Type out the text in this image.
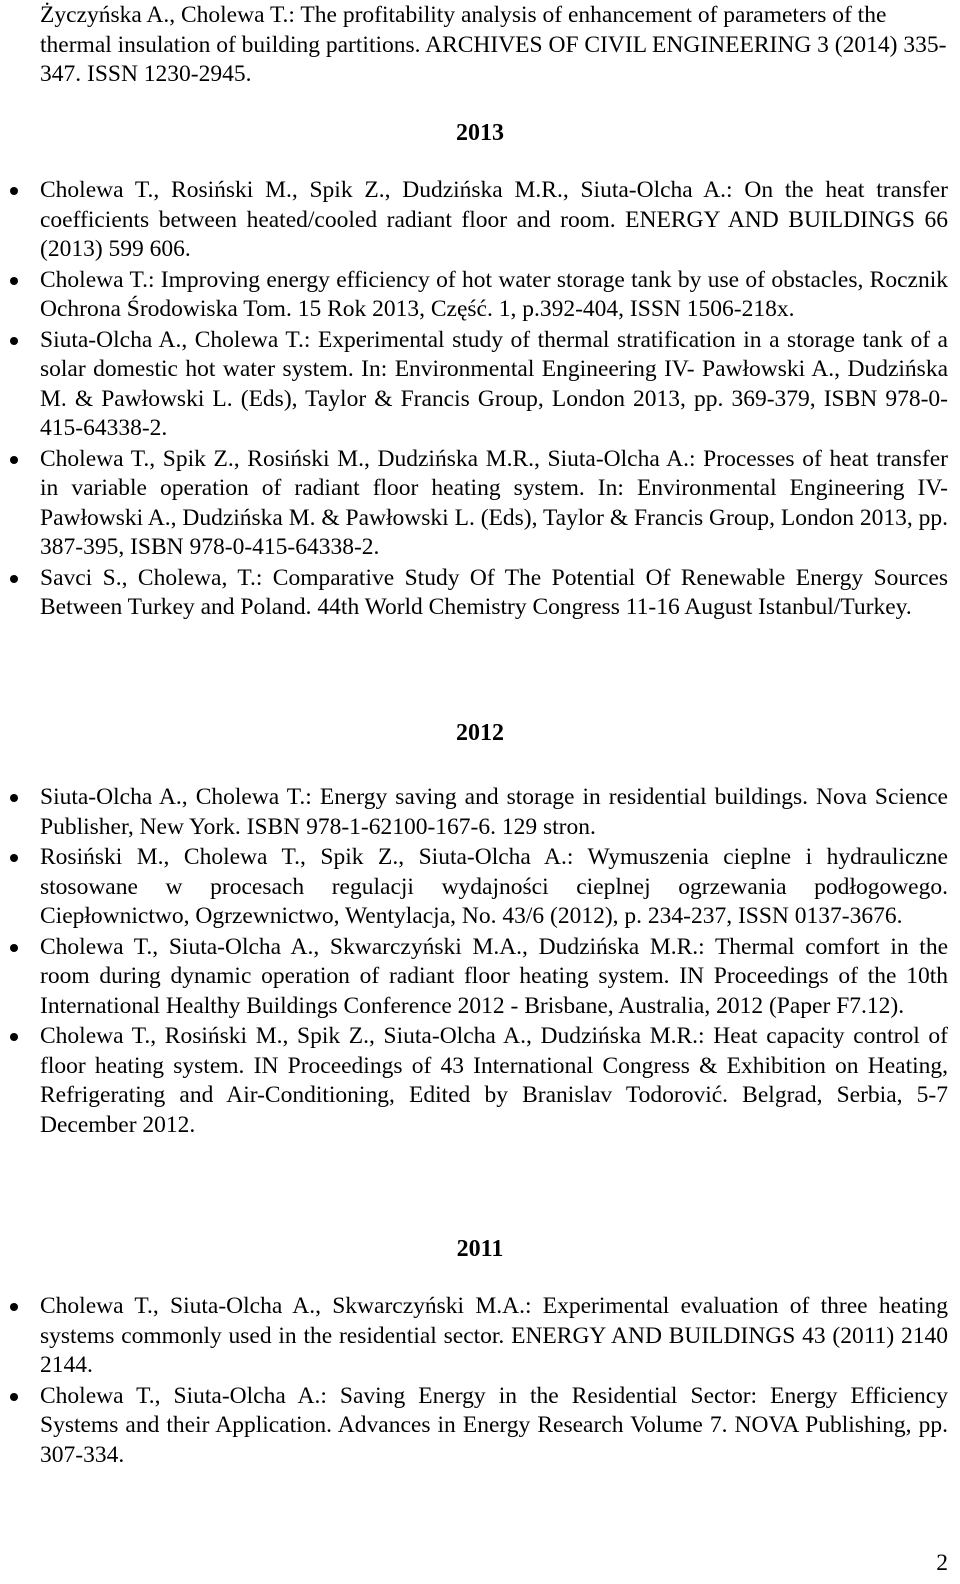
Życzyńska A., Cholewa T.: The profitability analysis of enhancement of parameters of the thermal insulation of building partitions. ARCHIVES OF CIVIL ENGINEERING 3 (2014) 335-347. ISSN 1230-2945.
2013
Cholewa T., Rosiński M., Spik Z., Dudzińska M.R., Siuta-Olcha A.: On the heat transfer coefficients between heated/cooled radiant floor and room. ENERGY AND BUILDINGS 66 (2013) 599 606.
Cholewa T.: Improving energy efficiency of hot water storage tank by use of obstacles, Rocznik Ochrona Środowiska Tom. 15 Rok 2013, Część. 1, p.392-404, ISSN 1506-218x.
Siuta-Olcha A., Cholewa T.: Experimental study of thermal stratification in a storage tank of a solar domestic hot water system. In: Environmental Engineering IV- Pawłowski A., Dudzińska M. & Pawłowski L. (Eds), Taylor & Francis Group, London 2013, pp. 369-379, ISBN 978-0-415-64338-2.
Cholewa T., Spik Z., Rosiński M., Dudzińska M.R., Siuta-Olcha A.: Processes of heat transfer in variable operation of radiant floor heating system. In: Environmental Engineering IV- Pawłowski A., Dudzińska M. & Pawłowski L. (Eds), Taylor & Francis Group, London 2013, pp. 387-395, ISBN 978-0-415-64338-2.
Savci S., Cholewa, T.: Comparative Study Of The Potential Of Renewable Energy Sources Between Turkey and Poland. 44th World Chemistry Congress 11-16 August Istanbul/Turkey.
2012
Siuta-Olcha A., Cholewa T.: Energy saving and storage in residential buildings. Nova Science Publisher, New York. ISBN 978-1-62100-167-6. 129 stron.
Rosiński M., Cholewa T., Spik Z., Siuta-Olcha A.: Wymuszenia cieplne i hydrauliczne stosowane w procesach regulacji wydajności cieplnej ogrzewania podłogowego. Ciepłownictwo, Ogrzewnictwo, Wentylacja, No. 43/6 (2012), p. 234-237, ISSN 0137-3676.
Cholewa T., Siuta-Olcha A., Skwarczyński M.A., Dudzińska M.R.: Thermal comfort in the room during dynamic operation of radiant floor heating system. IN Proceedings of the 10th International Healthy Buildings Conference 2012 - Brisbane, Australia, 2012 (Paper F7.12).
Cholewa T., Rosiński M., Spik Z., Siuta-Olcha A., Dudzińska M.R.: Heat capacity control of floor heating system. IN Proceedings of 43 International Congress & Exhibition on Heating, Refrigerating and Air-Conditioning, Edited by Branislav Todorović. Belgrad, Serbia, 5-7 December 2012.
2011
Cholewa T., Siuta-Olcha A., Skwarczyński M.A.: Experimental evaluation of three heating systems commonly used in the residential sector. ENERGY AND BUILDINGS 43 (2011) 2140 2144.
Cholewa T., Siuta-Olcha A.: Saving Energy in the Residential Sector: Energy Efficiency Systems and their Application. Advances in Energy Research Volume 7. NOVA Publishing, pp. 307-334.
2
